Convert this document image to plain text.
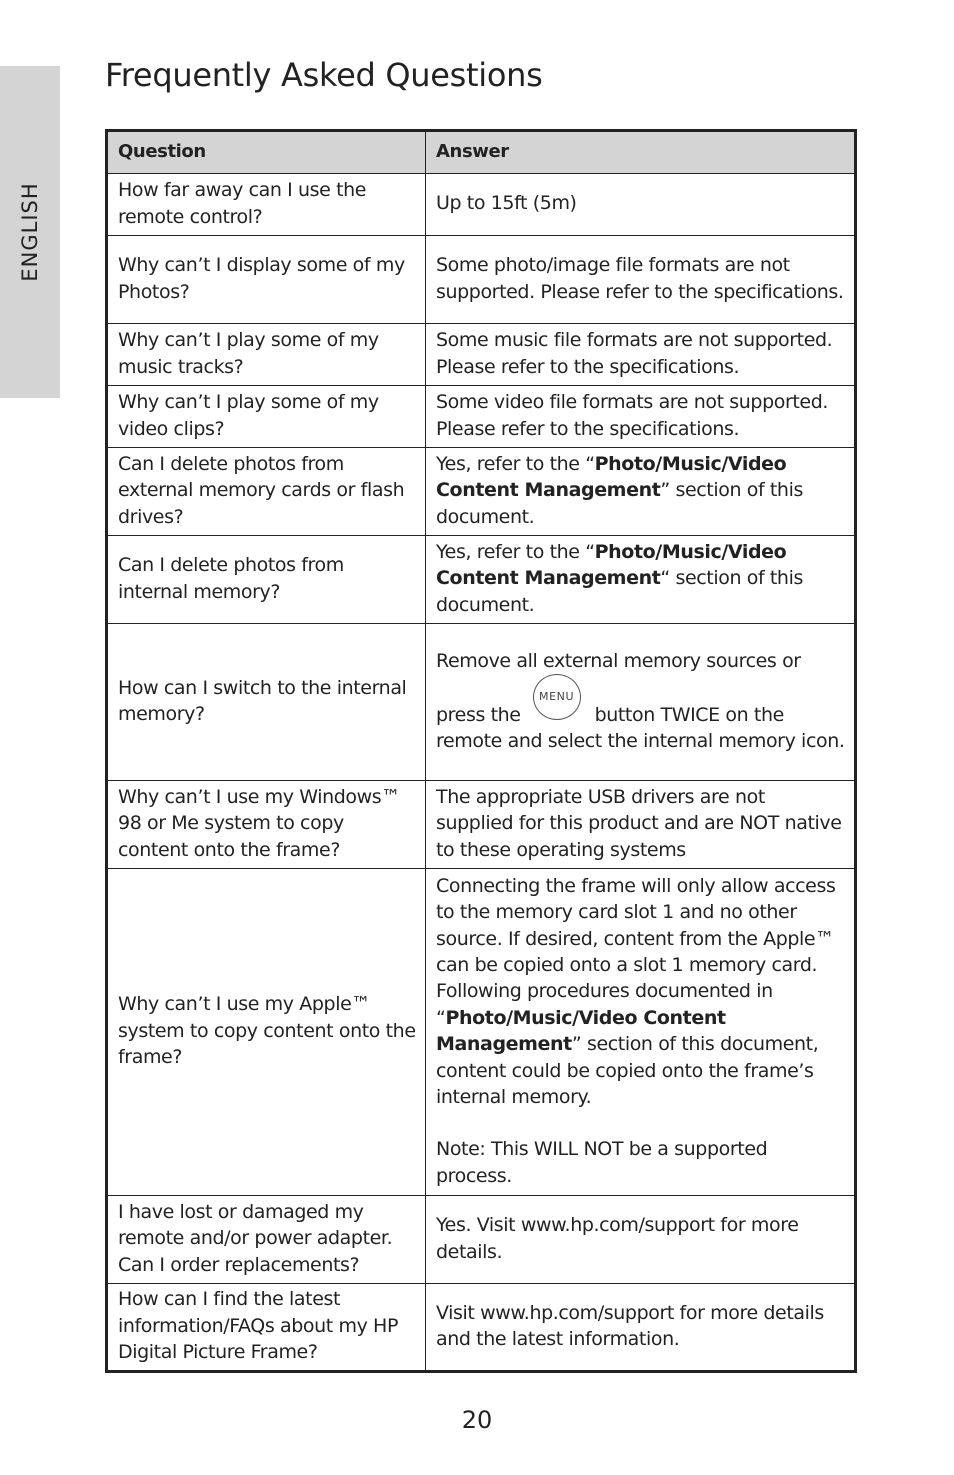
ENGLISH
Frequently Asked Questions
Question	Answer
How far away can I use the remote control?	Up to 15ft (5m)
Why can’t I display some of my Photos?	Some photo/image file formats are not supported. Please refer to the specifications.
Why can’t I play some of my music tracks?	Some music file formats are not supported. Please refer to the specifications.
Why can’t I play some of my video clips?	Some video file formats are not supported. Please refer to the specifications.
Can I delete photos from external memory cards or flash drives?	Yes, refer to the “Photo/Music/Video Content Management” section of this document.
Can I delete photos from internal memory?	Yes, refer to the “Photo/Music/Video Content Management“ section of this document.
How can I switch to the internal memory?	Remove all external memory sources or
press the
MENU
button TWICE on the
remote and select the internal memory icon.

Why can’t I use my Windows™ 98 or Me system to copy content onto the frame?	The appropriate USB drivers are not supplied for this product and are NOT native to these operating systems
Why can’t I use my Apple™ system to copy content onto the frame?	Connecting the frame will only allow access to the memory card slot 1 and no other source. If desired, content from the Apple™ can be copied onto a slot 1 memory card. Following procedures documented in “Photo/Music/Video Content Management” section of this document, content could be copied onto the frame’s internal memory.
Note: This WILL NOT be a supported process.

I have lost or damaged my remote and/or power adapter. Can I order replacements?	Yes. Visit www.hp.com/support for more details.
How can I find the latest information/FAQs about my HP Digital Picture Frame?	Visit www.hp.com/support for more details and the latest information.
20
